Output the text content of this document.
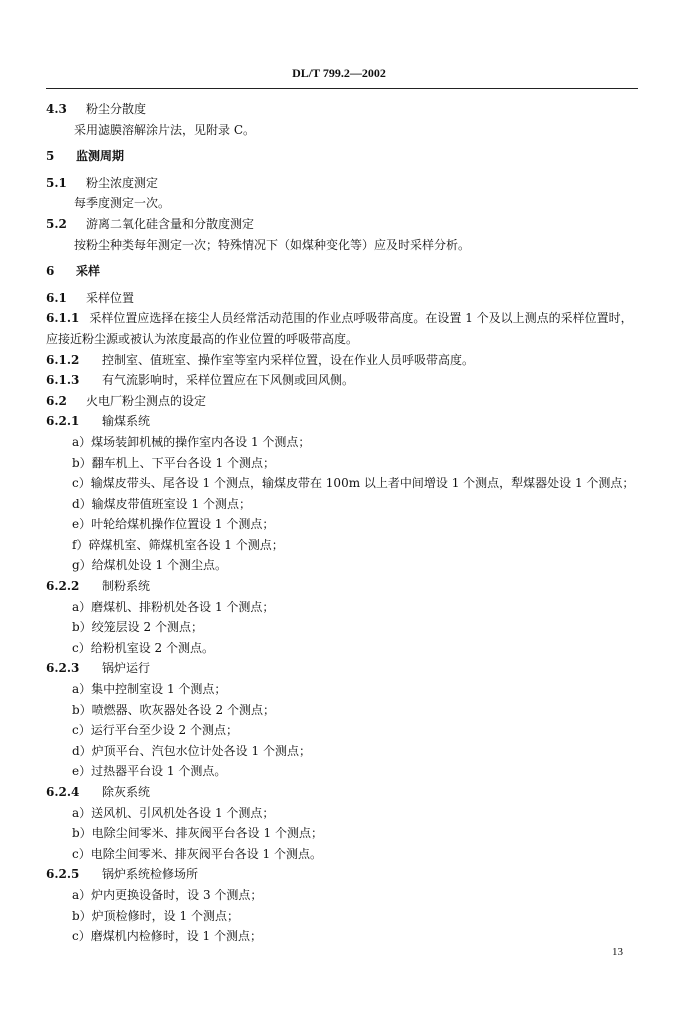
DL/T 799.2—2002
4.3 粉尘分散度
采用滤膜溶解涂片法，见附录 C。
5 监测周期
5.1 粉尘浓度测定
每季度测定一次。
5.2 游离二氧化硅含量和分散度测定
按粉尘种类每年测定一次；特殊情况下（如煤种变化等）应及时采样分析。
6 采样
6.1 采样位置
6.1.1 采样位置应选择在接尘人员经常活动范围的作业点呼吸带高度。在设置 1 个及以上测点的采样位置时，应接近粉尘源或被认为浓度最高的作业位置的呼吸带高度。
6.1.2 控制室、值班室、操作室等室内采样位置，设在作业人员呼吸带高度。
6.1.3 有气流影响时，采样位置应在下风侧或回风侧。
6.2 火电厂粉尘测点的设定
6.2.1 输煤系统
a）煤场装卸机械的操作室内各设 1 个测点；
b）翻车机上、下平台各设 1 个测点；
c）输煤皮带头、尾各设 1 个测点，输煤皮带在 100m 以上者中间增设 1 个测点，犁煤器处设 1 个测点；
d）输煤皮带值班室设 1 个测点；
e）叶轮给煤机操作位置设 1 个测点；
f）碎煤机室、筛煤机室各设 1 个测点；
g）给煤机处设 1 个测尘点。
6.2.2 制粉系统
a）磨煤机、排粉机处各设 1 个测点；
b）绞笼层设 2 个测点；
c）给粉机室设 2 个测点。
6.2.3 锅炉运行
a）集中控制室设 1 个测点；
b）喷燃器、吹灰器处各设 2 个测点；
c）运行平台至少设 2 个测点；
d）炉顶平台、汽包水位计处各设 1 个测点；
e）过热器平台设 1 个测点。
6.2.4 除灰系统
a）送风机、引风机处各设 1 个测点；
b）电除尘间零米、排灰阀平台各设 1 个测点；
c）电除尘间零米、排灰阀平台各设 1 个测点。
6.2.5 锅炉系统检修场所
a）炉内更换设备时，设 3 个测点；
b）炉顶检修时，设 1 个测点；
c）磨煤机内检修时，设 1 个测点；
13
